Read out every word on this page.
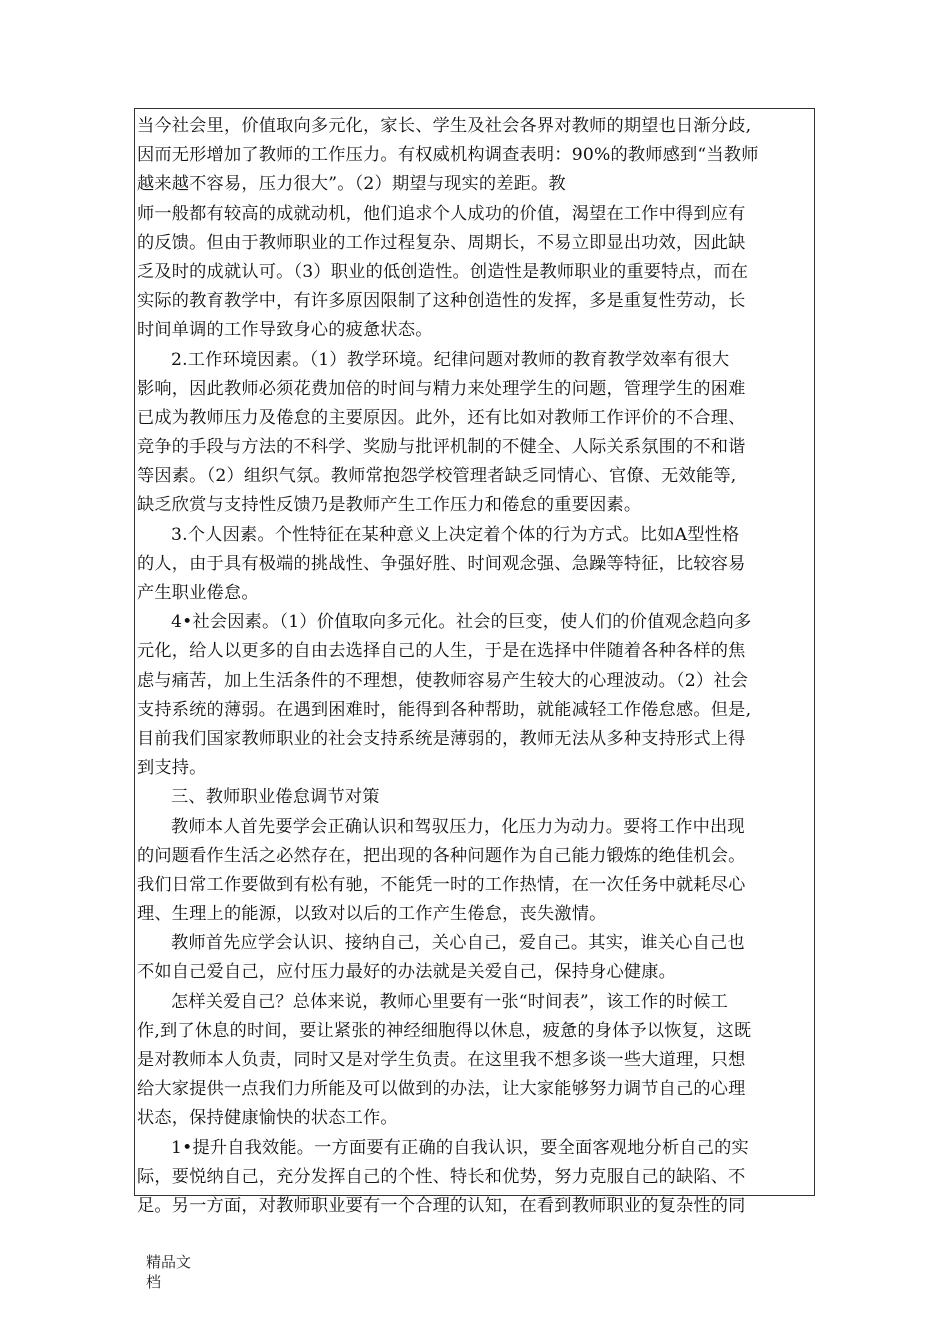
当今社会里，价值取向多元化，家长、学生及社会各界对教师的期望也日渐分歧,
因而无形增加了教师的工作压力。有权威机构调查表明：90%的教师感到“当教师
越来越不容易，压力很大”。（2）期望与现实的差距。教
师一般都有较高的成就动机，他们追求个人成功的价值，渴望在工作中得到应有
的反馈。但由于教师职业的工作过程复杂、周期长，不易立即显出功效，因此缺
乏及时的成就认可。（3）职业的低创造性。创造性是教师职业的重要特点，而在
实际的教育教学中，有许多原因限制了这种创造性的发挥，多是重复性劳动，长
时间单调的工作导致身心的疲惫状态。
2.工作环境因素。（1）教学环境。纪律问题对教师的教育教学效率有很大
影响，因此教师必须花费加倍的时间与精力来处理学生的问题，管理学生的困难
已成为教师压力及倦怠的主要原因。此外，还有比如对教师工作评价的不合理、
竞争的手段与方法的不科学、奖励与批评机制的不健全、人际关系氛围的不和谐
等因素。（2）组织气氛。教师常抱怨学校管理者缺乏同情心、官僚、无效能等,
缺乏欣赏与支持性反馈乃是教师产生工作压力和倦怠的重要因素。
3.个人因素。个性特征在某种意义上决定着个体的行为方式。比如A型性格
的人，由于具有极端的挑战性、争强好胜、时间观念强、急躁等特征，比较容易
产生职业倦怠。
4•社会因素。（1）价值取向多元化。社会的巨变，使人们的价值观念趋向多
元化，给人以更多的自由去选择自己的人生，于是在选择中伴随着各种各样的焦
虑与痛苦，加上生活条件的不理想，使教师容易产生较大的心理波动。（2）社会
支持系统的薄弱。在遇到困难时，能得到各种帮助，就能减轻工作倦怠感。但是,
目前我们国家教师职业的社会支持系统是薄弱的，教师无法从多种支持形式上得
到支持。
三、教师职业倦怠调节对策
教师本人首先要学会正确认识和驾驭压力，化压力为动力。要将工作中出现
的问题看作生活之必然存在，把出现的各种问题作为自己能力锻炼的绝佳机会。
我们日常工作要做到有松有驰，不能凭一时的工作热情，在一次任务中就耗尽心
理、生理上的能源，以致对以后的工作产生倦怠，丧失激情。
教师首先应学会认识、接纳自己，关心自己，爱自己。其实，谁关心自己也
不如自己爱自己，应付压力最好的办法就是关爱自己，保持身心健康。
怎样关爱自己？总体来说，教师心里要有一张“时间表”，该工作的时候工
作,到了休息的时间，要让紧张的神经细胞得以休息，疲惫的身体予以恢复，这既
是对教师本人负责，同时又是对学生负责。在这里我不想多谈一些大道理，只想
给大家提供一点我们力所能及可以做到的办法，让大家能够努力调节自己的心理
状态，保持健康愉快的状态工作。
1•提升自我效能。一方面要有正确的自我认识，要全面客观地分析自己的实
际，要悦纳自己，充分发挥自己的个性、特长和优势，努力克服自己的缺陷、不
足。另一方面，对教师职业要有一个合理的认知，在看到教师职业的复杂性的同
精品文
档
